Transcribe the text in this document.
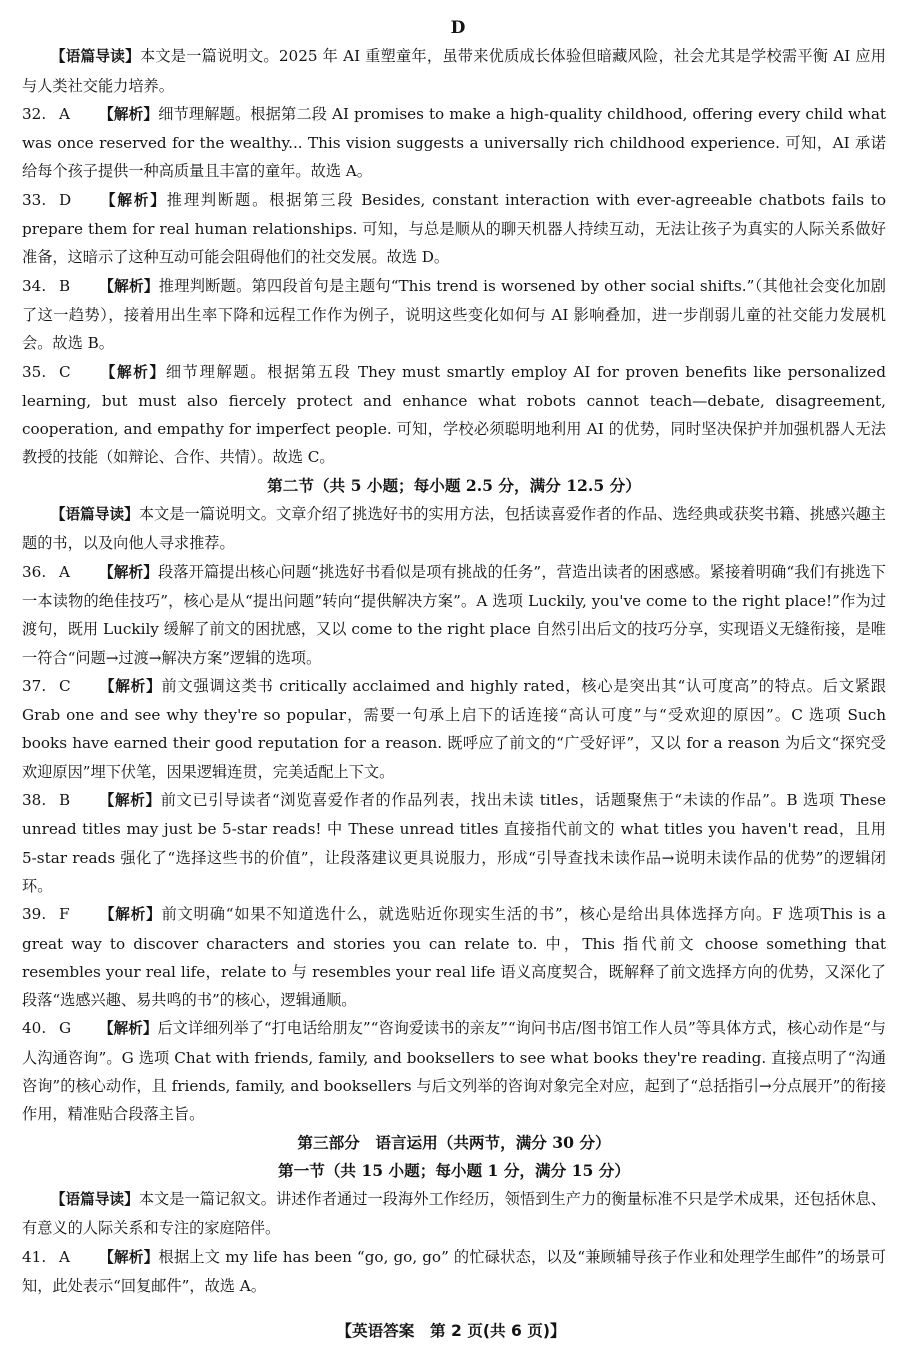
D

【语篇导读】本文是一篇说明文。2025 年 AI 重塑童年，虽带来优质成长体验但暗藏风险，社会尤其是学校需平衡 AI 应用与人类社交能力培养。

32. A 【解析】细节理解题。根据第二段 AI promises to make a high-quality childhood, offering every child what was once reserved for the wealthy... This vision suggests a universally rich childhood experience. 可知，AI 承诺给每个孩子提供一种高质量且丰富的童年。故选 A。

33. D 【解析】推理判断题。根据第三段 Besides, constant interaction with ever-agreeable chatbots fails to prepare them for real human relationships. 可知，与总是顺从的聊天机器人持续互动，无法让孩子为真实的人际关系做好准备，这暗示了这种互动可能会阻碍他们的社交发展。故选 D。

34. B 【解析】推理判断题。第四段首句是主题句“This trend is worsened by other social shifts.”（其他社会变化加剧了这一趋势），接着用出生率下降和远程工作作为例子，说明这些变化如何与 AI 影响叠加，进一步削弱儿童的社交能力发展机会。故选 B。

35. C 【解析】细节理解题。根据第五段 They must smartly employ AI for proven benefits like personalized learning, but must also fiercely protect and enhance what robots cannot teach—debate, disagreement, cooperation, and empathy for imperfect people. 可知，学校必须聪明地利用 AI 的优势，同时坚决保护并加强机器人无法教授的技能（如辩论、合作、共情）。故选 C。

第二节（共 5 小题；每小题 2.5 分，满分 12.5 分）

【语篇导读】本文是一篇说明文。文章介绍了挑选好书的实用方法，包括读喜爱作者的作品、选经典或获奖书籍、挑感兴趣主题的书，以及向他人寻求推荐。

36. A 【解析】段落开篇提出核心问题“挑选好书看似是项有挑战的任务”，营造出读者的困惑感。紧接着明确“我们有挑选下一本读物的绝佳技巧”，核心是从“提出问题”转向“提供解决方案”。A 选项 Luckily, you've come to the right place!”作为过渡句，既用 Luckily 缓解了前文的困扰感，又以 come to the right place 自然引出后文的技巧分享，实现语义无缝衔接，是唯一符合“问题→过渡→解决方案”逻辑的选项。

37. C 【解析】前文强调这类书 critically acclaimed and highly rated，核心是突出其“认可度高”的特点。后文紧跟 Grab one and see why they're so popular，需要一句承上启下的话连接“高认可度”与“受欢迎的原因”。C 选项 Such books have earned their good reputation for a reason. 既呼应了前文的“广受好评”，又以 for a reason 为后文“探究受欢迎原因”埋下伏笔，因果逻辑连贯，完美适配上下文。

38. B 【解析】前文已引导读者“浏览喜爱作者的作品列表，找出未读 titles，话题聚焦于“未读的作品”。B 选项 These unread titles may just be 5-star reads! 中 These unread titles 直接指代前文的 what titles you haven't read，且用 5-star reads 强化了“选择这些书的价值”，让段落建议更具说服力，形成“引导查找未读作品→说明未读作品的优势”的逻辑闭环。

39. F 【解析】前文明确“如果不知道选什么，就选贴近你现实生活的书”，核心是给出具体选择方向。F 选项This is a great way to discover characters and stories you can relate to. 中，This 指代前文 choose something that resembles your real life，relate to 与 resembles your real life 语义高度契合，既解释了前文选择方向的优势，又深化了段落“选感兴趣、易共鸣的书”的核心，逻辑通顺。

40. G 【解析】后文详细列举了“打电话给朋友”“咨询爱读书的亲友”“询问书店/图书馆工作人员”等具体方式，核心动作是“与人沟通咨询”。G 选项 Chat with friends, family, and booksellers to see what books they're reading. 直接点明了“沟通咨询”的核心动作，且 friends, family, and booksellers 与后文列举的咨询对象完全对应，起到了“总括指引→分点展开”的衔接作用，精准贴合段落主旨。

第三部分　语言运用（共两节，满分 30 分）

第一节（共 15 小题；每小题 1 分，满分 15 分）

【语篇导读】本文是一篇记叙文。讲述作者通过一段海外工作经历，领悟到生产力的衡量标准不只是学术成果，还包括休息、有意义的人际关系和专注的家庭陪伴。

41. A 【解析】根据上文 my life has been “go, go, go” 的忙碌状态，以及“兼顾辅导孩子作业和处理学生邮件”的场景可知，此处表示“回复邮件”，故选 A。

【英语答案　第 2 页(共 6 页)】
